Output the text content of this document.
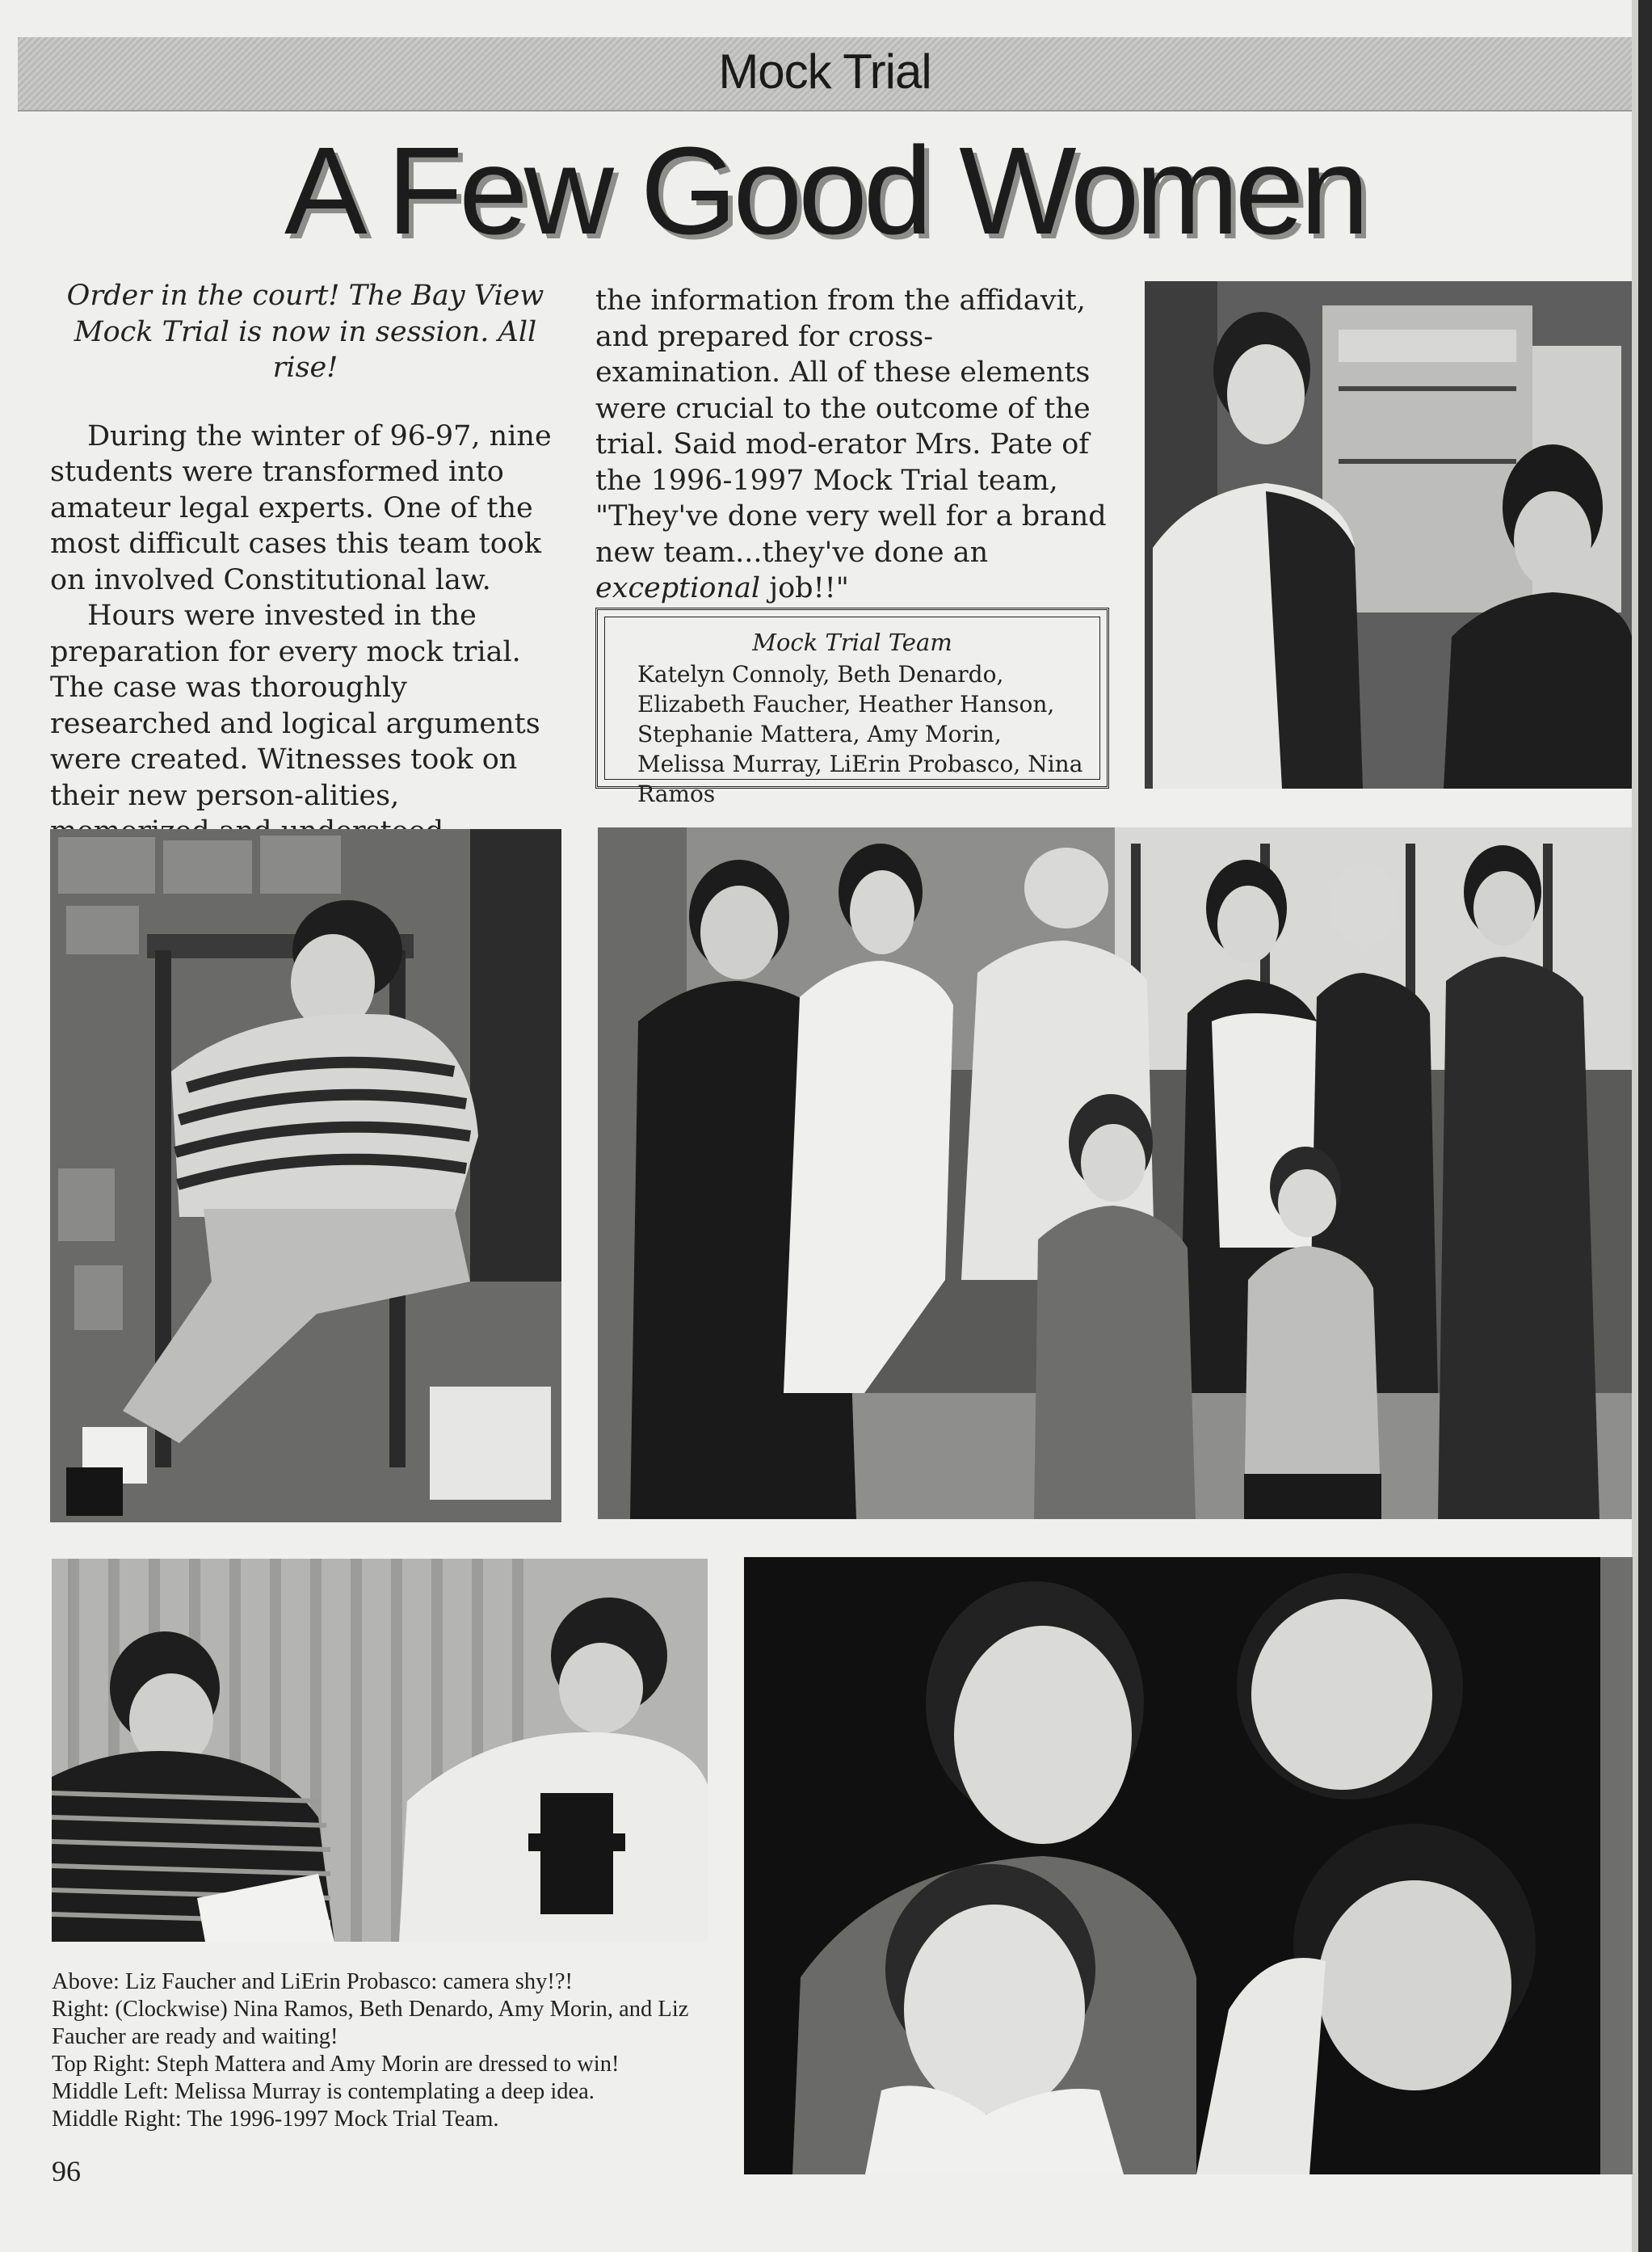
Mock Trial
A Few Good Women

Order in the court! The Bay View

Mock Trial is now in session. All rise!

During the winter of 96-97, nine students were transformed into amateur legal experts. One of the most difficult cases this team took on involved Constitutional law.

Hours were invested in the preparation for every mock trial. The case was thoroughly researched and logical arguments were created. Witnesses took on their new person-alities,

the information from the affidavit, and prepared for cross-examination. All of these elements were crucial to the outcome of the trial. Said mod-erator Mrs. Pate of the 1996-1997 Mock Trial team, "They've done very well for a brand new team...they've done an exceptional job!!"

Mock Trial Team
Katelyn Connoly, Beth Denardo, Elizabeth Faucher, Heather Hanson, Stephanie Mattera, Amy Morin, Melissa Murray, LiErin Probasco, Nina Ramos

Above: Liz Faucher and LiErin Probasco: camera shy!?!

Right: (Clockwise) Nina Ramos, Beth Denardo, Amy Morin, and Liz Faucher are ready and waiting!

Top Right: Steph Mattera and Amy Morin are dressed to win!

Middle Left: Melissa Murray is contemplating a deep idea.

Middle Right: The 1996-1997 Mock Trial Team.

96
